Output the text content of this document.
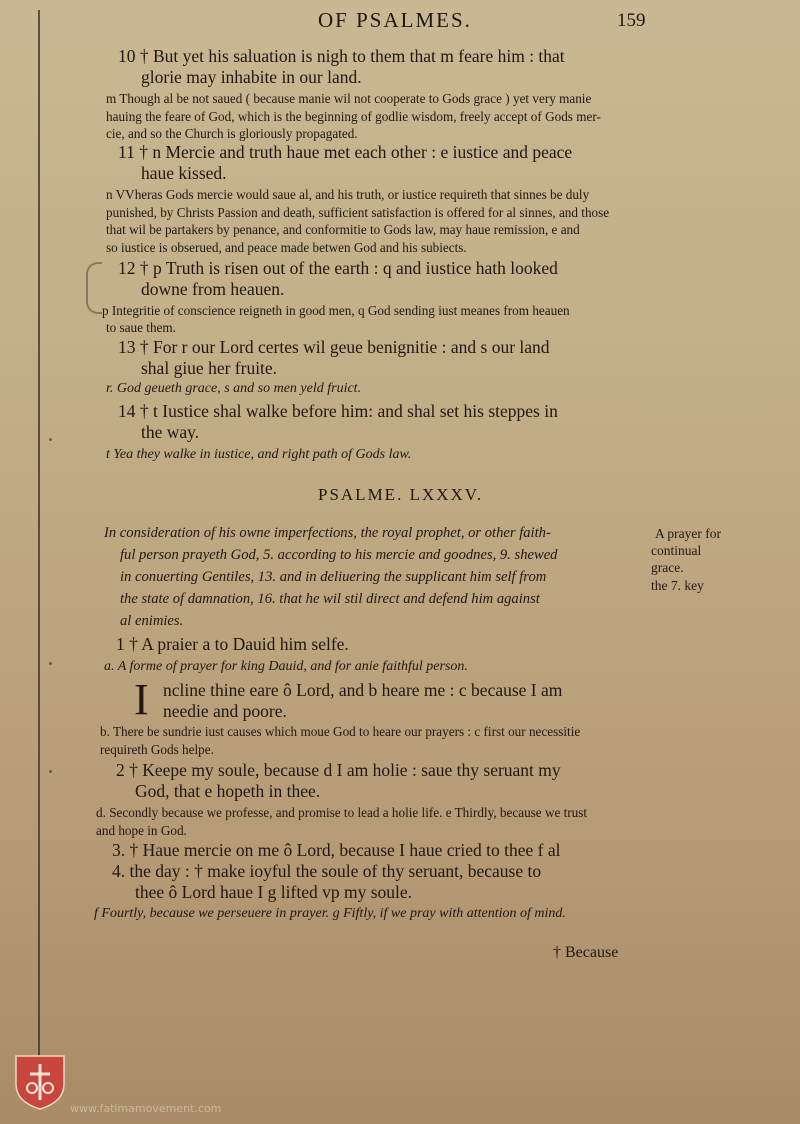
OF PSALMES.	159
10 † But yet his saluation is nigh to them that m feare him : that
glorie may inhabite in our land.
m Though al be not saued ( because manie wil not cooperate to Gods grace ) yet very manie
hauing the feare of God, which is the beginning of godlie wisdom, freely accept of Gods mer-
cie, and so the Church is gloriously propagated.
11 † n Mercie and truth haue met each other : e iustice and peace
haue kissed.
n VVheras Gods mercie would saue al, and his truth, or iustice requireth that sinnes be duly
punished, by Christs Passion and death, sufficient satisfaction is offered for al sinnes, and those
that wil be partakers by penance, and conformitie to Gods law, may haue remission, e and
so iustice is obserued, and peace made betwen God and his subiects.
12 † p Truth is risen out of the earth : q and iustice hath looked
downe from heauen.
p Integritie of conscience reigneth in good men, q God sending iust meanes from heauen
to saue them.
13 † For r our Lord certes wil geue benignitie : and s our land
shal giue her fruite.
r. God geueth grace, s and so men yeld fruict.
14 † t Iustice shal walke before him: and shal set his steppes in
the way.
t Yea they walke in iustice, and right path of Gods law.
In consideration of his owne imperfections, the royal prophet, or other faith-
ful person prayeth God, 5. according to his mercie and goodnes, 9. shewed
in conuerting Gentiles, 13. and in deliuering the supplicant him self from
the state of damnation, 16. that he wil stil direct and defend him against
al enimies.
1 † A praier a to Dauid him selfe.
a. A forme of prayer for king Dauid, and for anie faithful person.
ncline thine eare ô Lord, and b heare me : c because I am
needie and poore.
b. There be sundrie iust causes which moue God to heare our prayers : c first our necessitie
requireth Gods helpe.
2 † Keepe my soule, because d I am holie : saue thy seruant my
God, that e hopeth in thee.
d. Secondly because we professe, and promise to lead a holie life. e Thirdly, because we trust
and hope in God.
3. † Haue mercie on me ô Lord, because I haue cried to thee f al
4. the day : † make ioyful the soule of thy seruant, because to
thee ô Lord haue I g lifted vp my soule.
f Fourtly, because we perseuere in prayer. g Fiftly, if we pray with attention of mind.
PSALME. LXXXV.
I
A prayer for
continual
grace.
the 7. key
† Because
www.fatimamovement.com
